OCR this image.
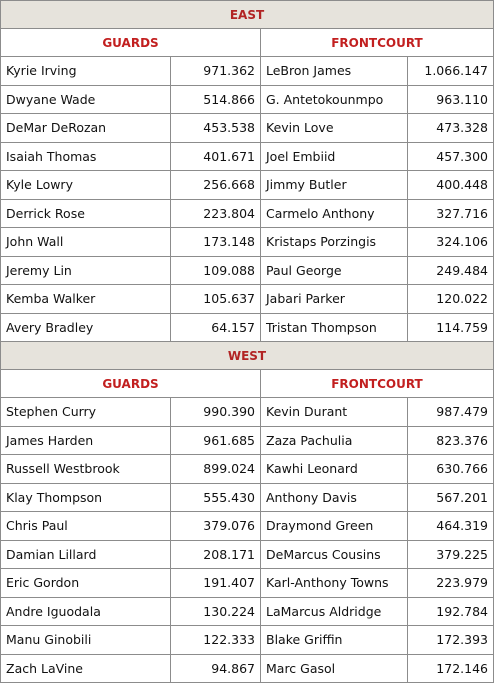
EAST			
GUARDS		FRONTCOURT	
Kyrie Irving	971.362	LeBron James	1.066.147
Dwyane Wade	514.866	G. Antetokounmpo	963.110
DeMar DeRozan	453.538	Kevin Love	473.328
Isaiah Thomas	401.671	Joel Embiid	457.300
Kyle Lowry	256.668	Jimmy Butler	400.448
Derrick Rose	223.804	Carmelo Anthony	327.716
John Wall	173.148	Kristaps Porzingis	324.106
Jeremy Lin	109.088	Paul George	249.484
Kemba Walker	105.637	Jabari Parker	120.022
Avery Bradley	64.157	Tristan Thompson	114.759
WEST			
GUARDS		FRONTCOURT	
Stephen Curry	990.390	Kevin Durant	987.479
James Harden	961.685	Zaza Pachulia	823.376
Russell Westbrook	899.024	Kawhi Leonard	630.766
Klay Thompson	555.430	Anthony Davis	567.201
Chris Paul	379.076	Draymond Green	464.319
Damian Lillard	208.171	DeMarcus Cousins	379.225
Eric Gordon	191.407	Karl-Anthony Towns	223.979
Andre Iguodala	130.224	LaMarcus Aldridge	192.784
Manu Ginobili	122.333	Blake Griffin	172.393
Zach LaVine	94.867	Marc Gasol	172.146
